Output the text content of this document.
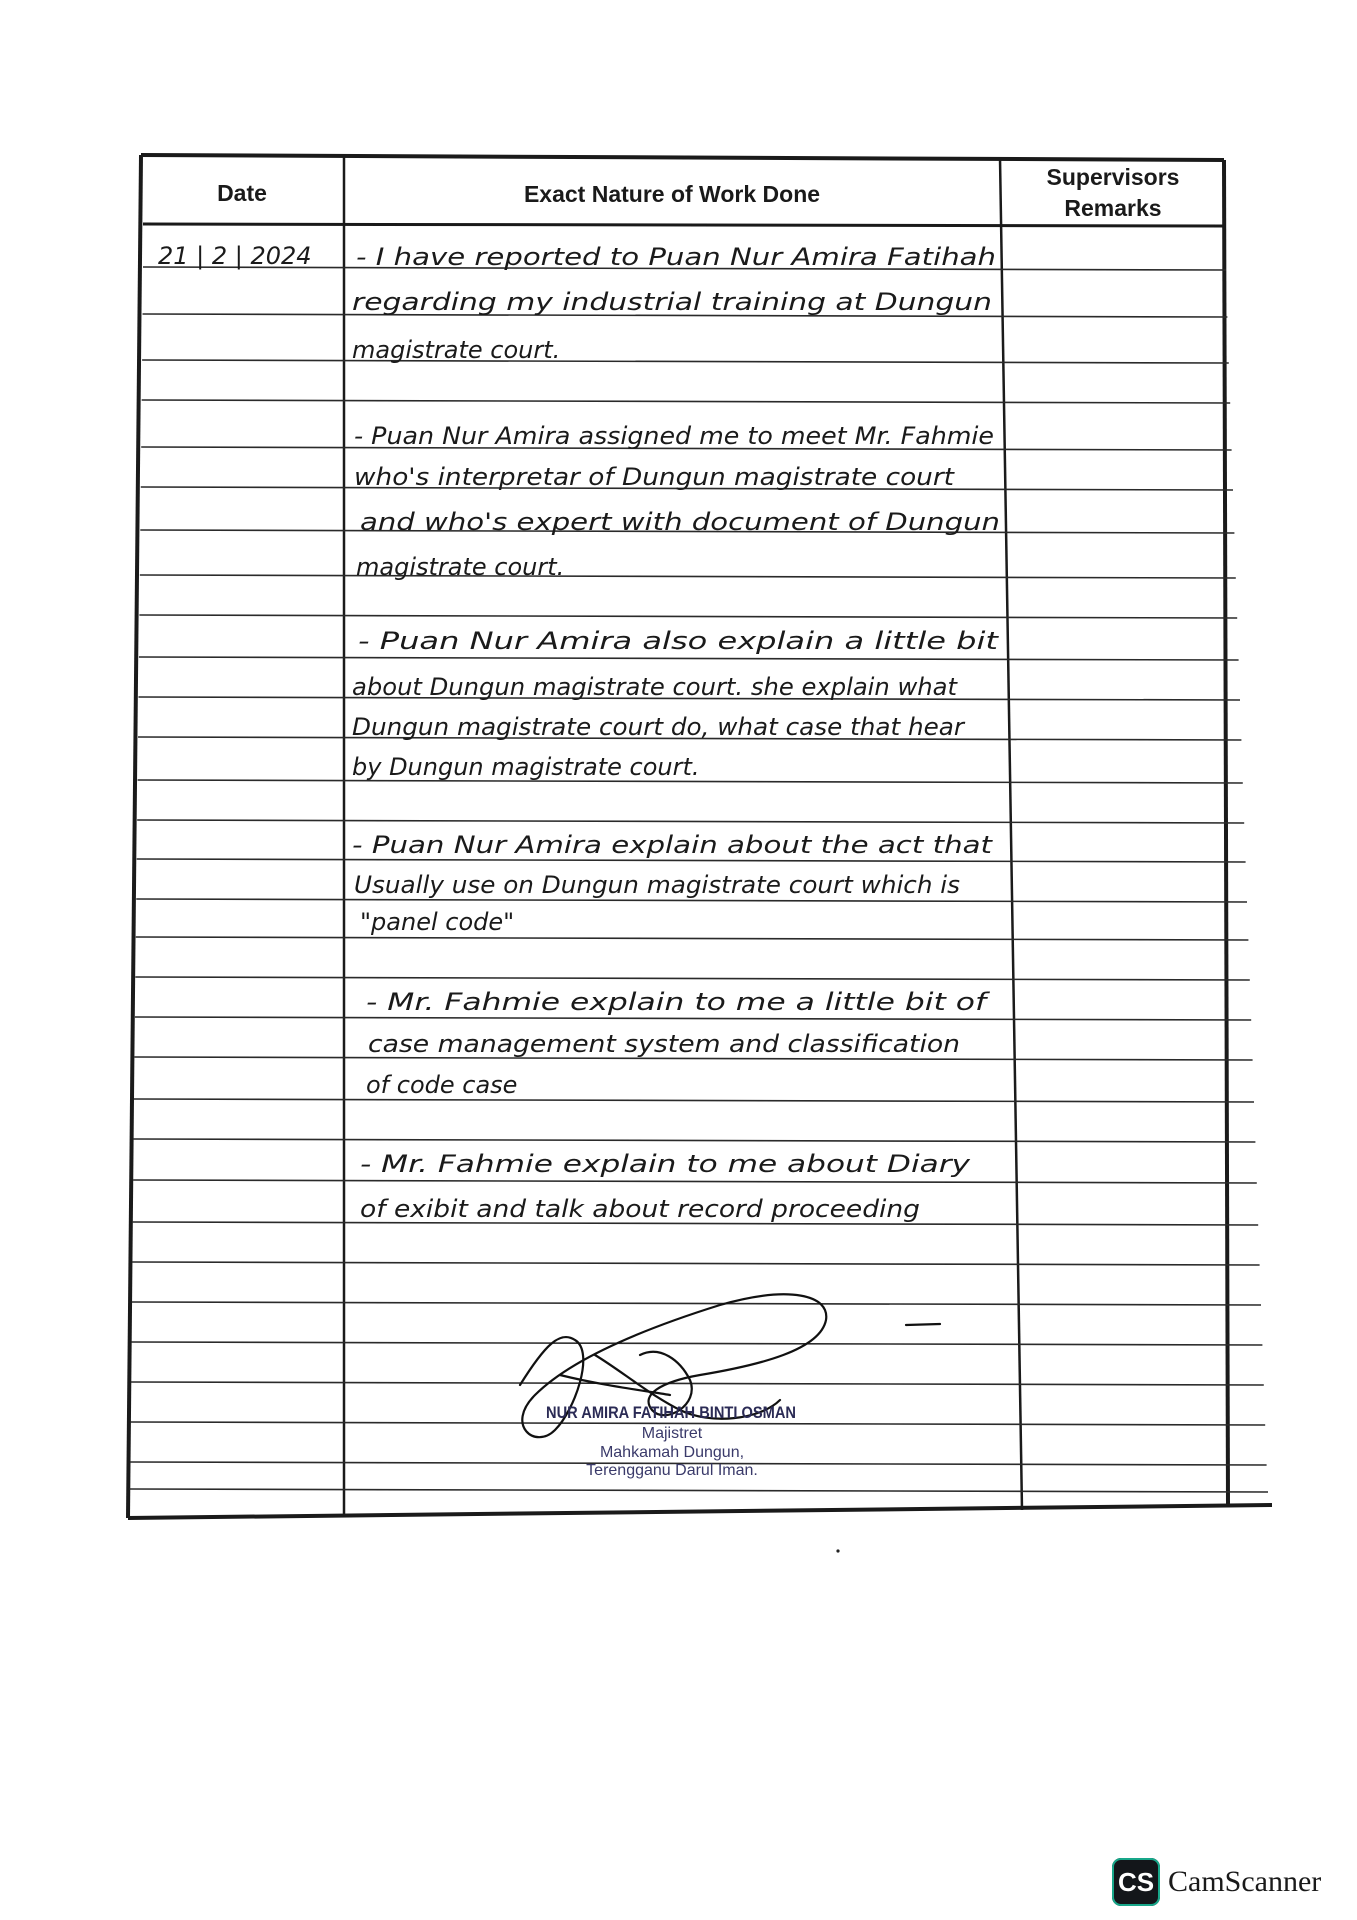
Date	Exact Nature of Work Done
Supervisors
Remarks
21 | 2 | 2024 - I have reported to Puan Nur Amira Fatihah
regarding my industrial training at Dungun
magistrate court.
- Puan Nur Amira assigned me to meet Mr. Fahmie
who's interpretar of Dungun magistrate court
and who's expert with document of Dungun
magistrate court.
- Puan Nur Amira also explain a little bit
about Dungun magistrate court. she explain what
Dungun magistrate court do, what case that hear
by Dungun magistrate court.
- Puan Nur Amira explain about the act that
Usually use on Dungun magistrate court which is
"panel code"
- Mr. Fahmie explain to me a little bit of
case management system and classification
of code case
- Mr. Fahmie explain to me about Diary
of exibit and talk about record proceeding
NUR AMIRA FATIHAH BINTI OSMAN
Majistret
Mahkamah Dungun,
Terengganu Darul Iman.
CS CamScanner
